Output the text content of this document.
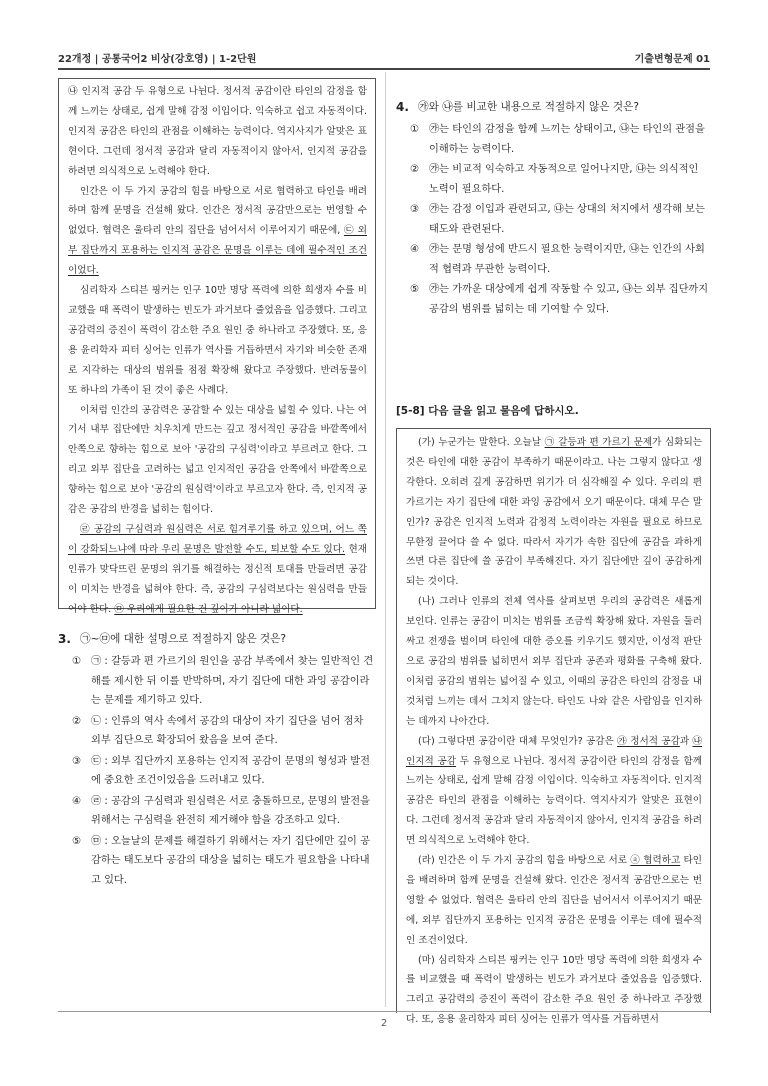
22개정 | 공통국어2 비상(강호영) | 1-2단원	기출변형문제 01

㉯ 인지적 공감 두 유형으로 나뉜다. 정서적 공감이란 타인의 감정을 함께 느끼는 상태로, 쉽게 말해 감정 이입이다. 익숙하고 쉽고 자동적이다. 인지적 공감은 타인의 관점을 이해하는 능력이다. 역지사지가 알맞은 표현이다. 그런데 정서적 공감과 달리 자동적이지 않아서, 인지적 공감을 하려면 의식적으로 노력해야 한다.

인간은 이 두 가지 공감의 힘을 바탕으로 서로 협력하고 타인을 배려하며 함께 문명을 건설해 왔다. 인간은 정서적 공감만으로는 번영할 수 없었다. 협력은 울타리 안의 집단을 넘어서서 이루어지기 때문에, ㉢ 외부 집단까지 포용하는 인지적 공감은 문명을 이루는 데에 필수적인 조건이었다.

심리학자 스티븐 핑커는 인구 10만 명당 폭력에 의한 희생자 수를 비교했을 때 폭력이 발생하는 빈도가 과거보다 줄었음을 입증했다. 그리고 공감력의 증진이 폭력이 감소한 주요 원인 중 하나라고 주장했다. 또, 응용 윤리학자 피터 싱어는 인류가 역사를 거듭하면서 자기와 비슷한 존재로 지각하는 대상의 범위를 점점 확장해 왔다고 주장했다. 반려동물이 또 하나의 가족이 된 것이 좋은 사례다.

이처럼 인간의 공감력은 공감할 수 있는 대상을 넓힐 수 있다. 나는 여기서 내부 집단에만 치우치게 만드는 깊고 정서적인 공감을 바깥쪽에서 안쪽으로 향하는 힘으로 보아 '공감의 구심력'이라고 부르려고 한다. 그리고 외부 집단을 고려하는 넓고 인지적인 공감을 안쪽에서 바깥쪽으로 향하는 힘으로 보아 '공감의 원심력'이라고 부르고자 한다. 즉, 인지적 공감은 공감의 반경을 넓히는 힘이다.

㉣ 공감의 구심력과 원심력은 서로 힘겨루기를 하고 있으며, 어느 쪽이 강화되느냐에 따라 우리 문명은 발전할 수도, 퇴보할 수도 있다. 현재 인류가 맞닥뜨린 문명의 위기를 해결하는 정신적 토대를 만들려면 공감이 미치는 반경을 넓혀야 한다. 즉, 공감의 구심력보다는 원심력을 만들어야 한다. ㉤ 우리에게 필요한 건 깊이가 아니라 넓이다.

3. ㉠~㉤에 대한 설명으로 적절하지 않은 것은?
① ㉠ : 갈등과 편 가르기의 원인을 공감 부족에서 찾는 일반적인 견해를 제시한 뒤 이를 반박하며, 자기 집단에 대한 과잉 공감이라는 문제를 제기하고 있다.
② ㉡ : 인류의 역사 속에서 공감의 대상이 자기 집단을 넘어 점차 외부 집단으로 확장되어 왔음을 보여 준다.
③ ㉢ : 외부 집단까지 포용하는 인지적 공감이 문명의 형성과 발전에 중요한 조건이었음을 드러내고 있다.
④ ㉣ : 공감의 구심력과 원심력은 서로 충돌하므로, 문명의 발전을 위해서는 구심력을 완전히 제거해야 함을 강조하고 있다.
⑤ ㉤ : 오늘날의 문제를 해결하기 위해서는 자기 집단에만 깊이 공감하는 태도보다 공감의 대상을 넓히는 태도가 필요함을 나타내고 있다.
4. ㉮와 ㉯를 비교한 내용으로 적절하지 않은 것은?
① ㉮는 타인의 감정을 함께 느끼는 상태이고, ㉯는 타인의 관점을 이해하는 능력이다.
② ㉮는 비교적 익숙하고 자동적으로 일어나지만, ㉯는 의식적인 노력이 필요하다.
③ ㉮는 감정 이입과 관련되고, ㉯는 상대의 처지에서 생각해 보는 태도와 관련된다.
④ ㉮는 문명 형성에 반드시 필요한 능력이지만, ㉯는 인간의 사회적 협력과 무관한 능력이다.
⑤ ㉮는 가까운 대상에게 쉽게 작동할 수 있고, ㉯는 외부 집단까지 공감의 범위를 넓히는 데 기여할 수 있다.
[5-8] 다음 글을 읽고 물음에 답하시오.

(가) 누군가는 말한다. 오늘날 ㉠ 갈등과 편 가르기 문제가 심화되는 것은 타인에 대한 공감이 부족하기 때문이라고. 나는 그렇지 않다고 생각한다. 오히려 깊게 공감하면 위기가 더 심각해질 수 있다. 우리의 편 가르기는 자기 집단에 대한 과잉 공감에서 오기 때문이다. 대체 무슨 말인가? 공감은 인지적 노력과 감정적 노력이라는 자원을 필요로 하므로 무한정 끌어다 쓸 수 없다. 따라서 자기가 속한 집단에 공감을 과하게 쓰면 다른 집단에 쓸 공감이 부족해진다. 자기 집단에만 깊이 공감하게 되는 것이다.

(나) 그러나 인류의 전체 역사를 살펴보면 우리의 공감력은 새롭게 보인다. 인류는 공감이 미치는 범위를 조금씩 확장해 왔다. 자원을 둘러싸고 전쟁을 벌이며 타인에 대한 증오를 키우기도 했지만, 이성적 판단으로 공감의 범위를 넓히면서 외부 집단과 공존과 평화를 구축해 왔다. 이처럼 공감의 범위는 넓어질 수 있고, 이때의 공감은 타인의 감정을 내 것처럼 느끼는 데서 그치지 않는다. 타인도 나와 같은 사람임을 인지하는 데까지 나아간다.

(다) 그렇다면 공감이란 대체 무엇인가? 공감은 ㉮ 정서적 공감과 ㉯ 인지적 공감 두 유형으로 나뉜다. 정서적 공감이란 타인의 감정을 함께 느끼는 상태로, 쉽게 말해 감정 이입이다. 익숙하고 자동적이다. 인지적 공감은 타인의 관점을 이해하는 능력이다. 역지사지가 알맞은 표현이다. 그런데 정서적 공감과 달리 자동적이지 않아서, 인지적 공감을 하려면 의식적으로 노력해야 한다.

(라) 인간은 이 두 가지 공감의 힘을 바탕으로 서로 ⓐ 협력하고 타인을 배려하며 함께 문명을 건설해 왔다. 인간은 정서적 공감만으로는 번영할 수 없었다. 협력은 울타리 안의 집단을 넘어서서 이루어지기 때문에, 외부 집단까지 포용하는 인지적 공감은 문명을 이루는 데에 필수적인 조건이었다.

(마) 심리학자 스티븐 핑커는 인구 10만 명당 폭력에 의한 희생자 수를 비교했을 때 폭력이 발생하는 빈도가 과거보다 줄었음을 입증했다. 그리고 공감력의 증진이 폭력이 감소한 주요 원인 중 하나라고 주장했다. 또, 응용 윤리학자 피터 싱어는 인류가 역사를 거듭하면서

2
